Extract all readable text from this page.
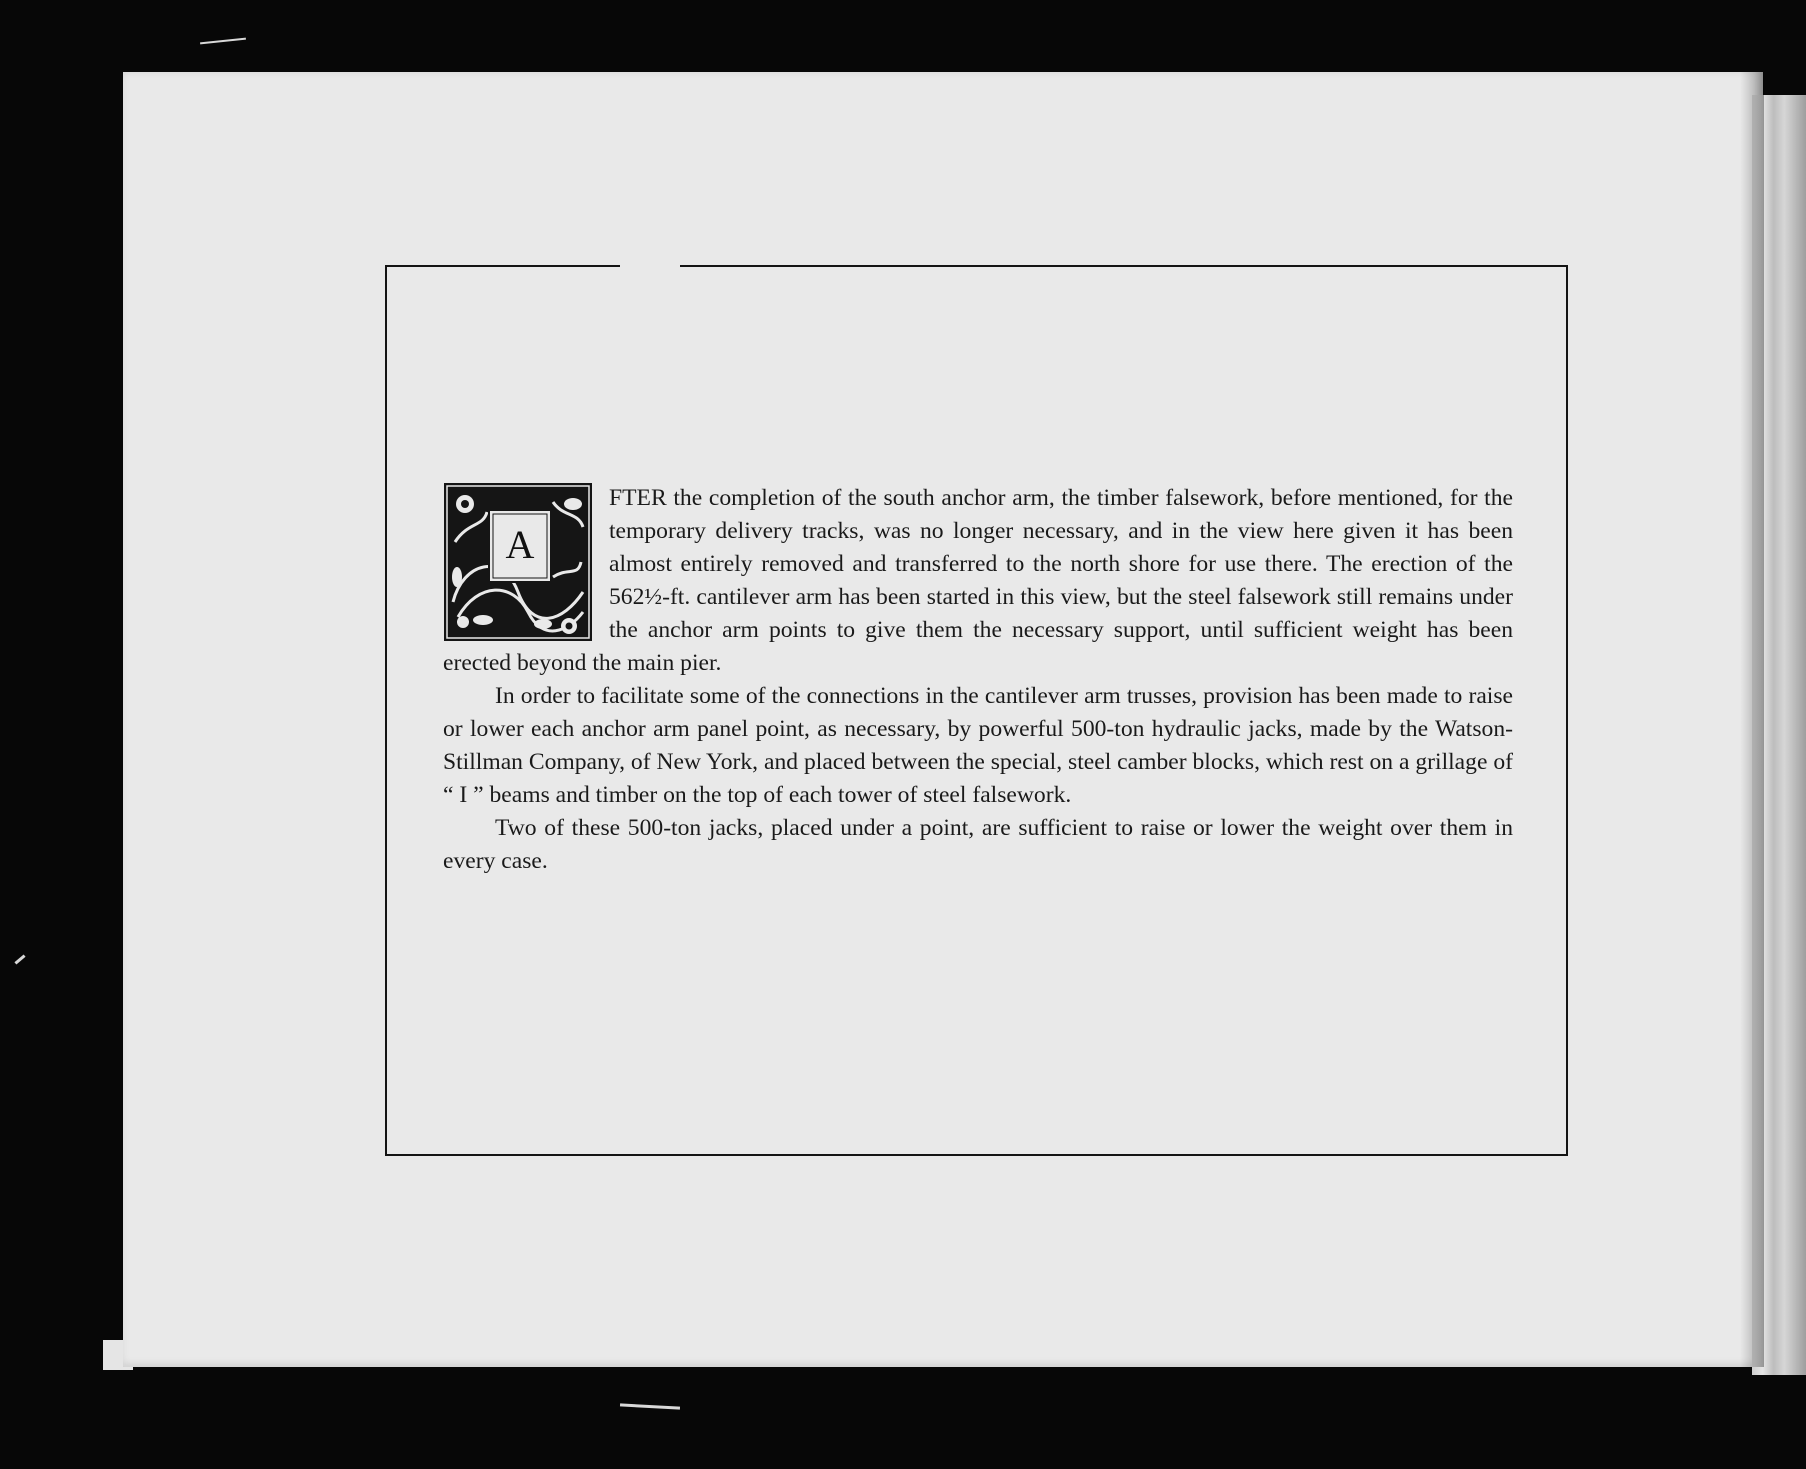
A

FTER the completion of the south anchor arm, the timber falsework, before mentioned, for the temporary delivery tracks, was no longer necessary, and in the view here given it has been almost entirely removed and transferred to the north shore for use there. The erection of the 562½-ft. cantilever arm has been started in this view, but the steel falsework still remains under the anchor arm points to give them the necessary support, until sufficient weight has been erected beyond the main pier.

In order to facilitate some of the connections in the cantilever arm trusses, provision has been made to raise or lower each anchor arm panel point, as necessary, by powerful 500-ton hydraulic jacks, made by the Watson-Stillman Company, of New York, and placed between the special, steel camber blocks, which rest on a grillage of “ I ” beams and timber on the top of each tower of steel falsework.

Two of these 500-ton jacks, placed under a point, are sufficient to raise or lower the weight over them in every case.
